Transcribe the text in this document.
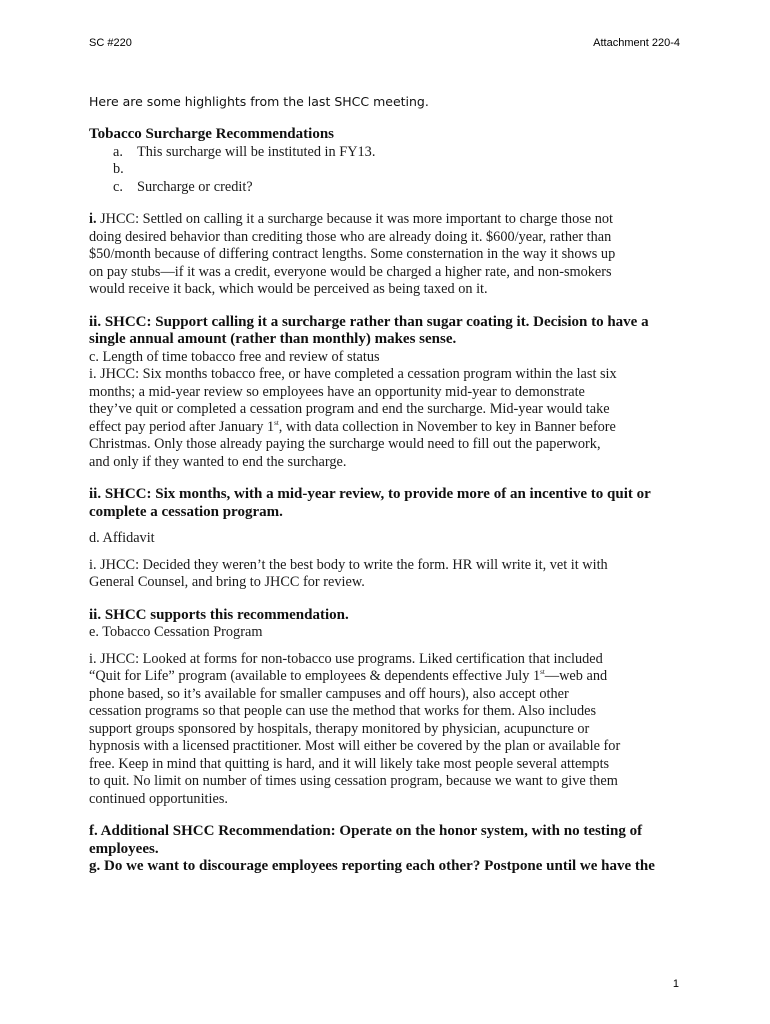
SC #220	Attachment 220-4
Here are some highlights from the last SHCC meeting.
Tobacco Surcharge Recommendations
a. This surcharge will be instituted in FY13.
b.
c. Surcharge or credit?

i. JHCC: Settled on calling it a surcharge because it was more important to charge those not
doing desired behavior than crediting those who are already doing it. $600/year, rather than
$50/month because of differing contract lengths. Some consternation in the way it shows up
on pay stubs—if it was a credit, everyone would be charged a higher rate, and non-smokers
would receive it back, which would be perceived as being taxed on it.

ii. SHCC: Support calling it a surcharge rather than sugar coating it. Decision to have a
single annual amount (rather than monthly) makes sense.

c. Length of time tobacco free and review of status

i. JHCC: Six months tobacco free, or have completed a cessation program within the last six
months; a mid-year review so employees have an opportunity mid-year to demonstrate
they’ve quit or completed a cessation program and end the surcharge. Mid-year would take
effect pay period after January 1st, with data collection in November to key in Banner before
Christmas. Only those already paying the surcharge would need to fill out the paperwork,
and only if they wanted to end the surcharge.

ii. SHCC: Six months, with a mid-year review, to provide more of an incentive to quit or
complete a cessation program.

d. Affidavit

i. JHCC: Decided they weren’t the best body to write the form. HR will write it, vet it with
General Counsel, and bring to JHCC for review.

ii. SHCC supports this recommendation.

e. Tobacco Cessation Program

i. JHCC: Looked at forms for non-tobacco use programs. Liked certification that included
“Quit for Life” program (available to employees & dependents effective July 1st—web and
phone based, so it’s available for smaller campuses and off hours), also accept other
cessation programs so that people can use the method that works for them. Also includes
support groups sponsored by hospitals, therapy monitored by physician, acupuncture or
hypnosis with a licensed practitioner. Most will either be covered by the plan or available for
free. Keep in mind that quitting is hard, and it will likely take most people several attempts
to quit. No limit on number of times using cessation program, because we want to give them
continued opportunities.

f. Additional SHCC Recommendation: Operate on the honor system, with no testing of
employees.

g. Do we want to discourage employees reporting each other? Postpone until we have the

1
